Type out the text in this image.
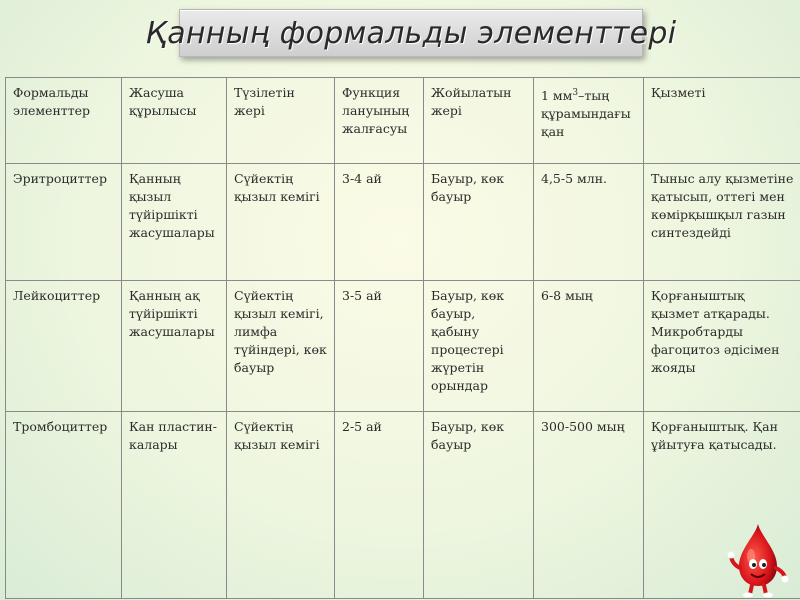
Қанның формальды элементтері
Формальды элементтер	Жасуша құрылысы	Түзілетін жері	Функция лануының жалғасуы	Жойылатын жері	1 $мм^3$–тың құрамындағы қан	Қызметі
Эритроциттер	Қанның қызыл түйіршікті жасушалары	Сүйектің қызыл кемігі	3-4 ай	Бауыр, көк бауыр	4,5-5 млн.	Тыныс алу қызметіне қатысып, оттегі мен көмірқышқыл газын синтездейді
Лейкоциттер	Қанның ақ түйіршікті жасушалары	Сүйектің қызыл кемігі, лимфа түйіндері, көк бауыр	3-5 ай	Бауыр, көк бауыр, қабыну процестері жүретін орындар	6-8 мың	Қорғаныштық қызмет атқарады. Микробтарды фагоцитоз әдісімен жояды
Тромбоциттер	Кан пластин-калары	Сүйектің қызыл кемігі	2-5 ай	Бауыр, көк бауыр	300-500 мың	Қорғаныштық. Қан ұйытуға қатысады.
